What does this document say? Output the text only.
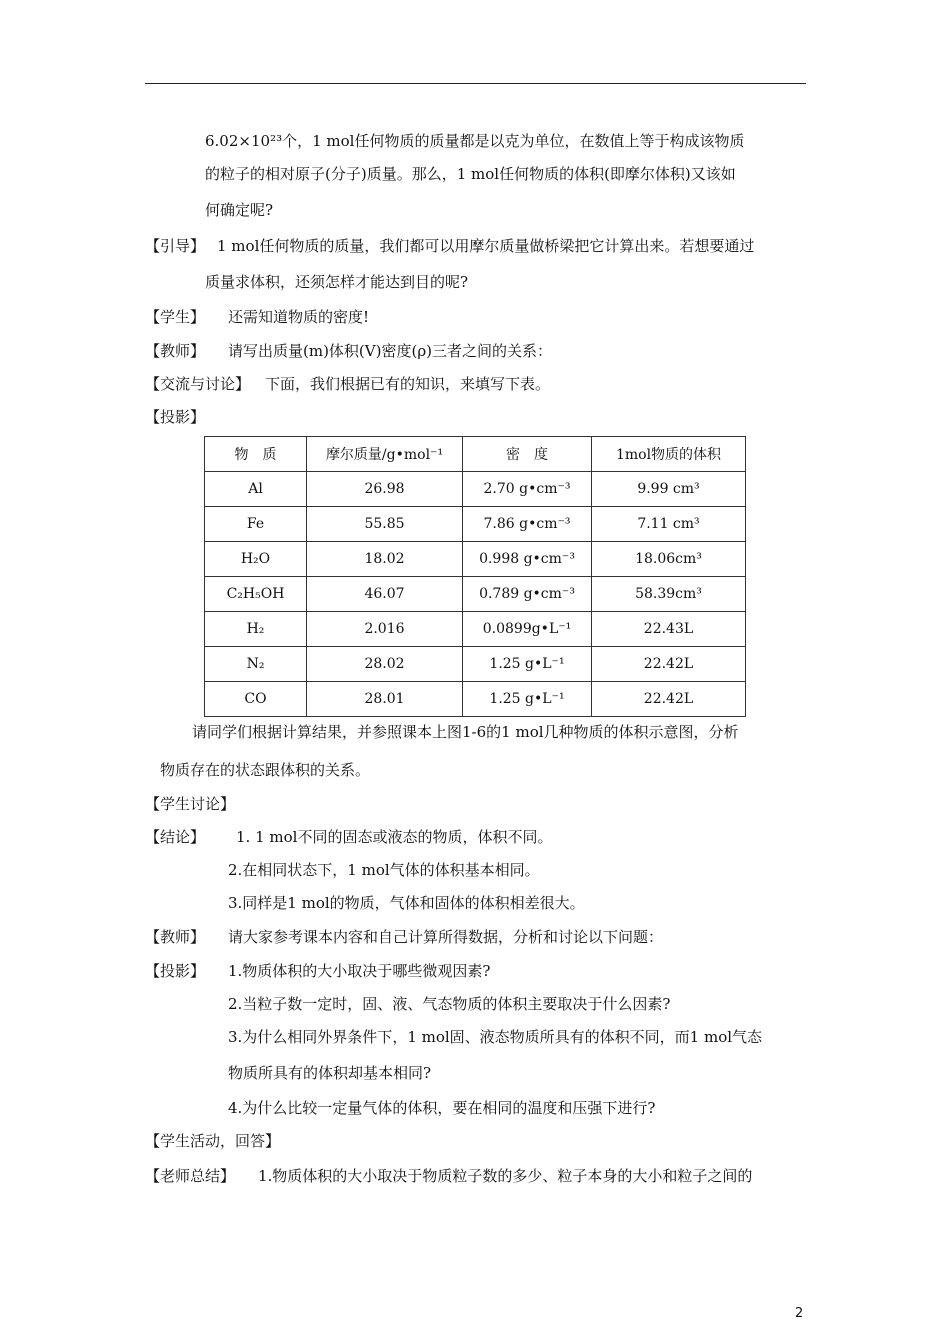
6.02×10²³个，1 mol任何物质的质量都是以克为单位，在数值上等于构成该物质
的粒子的相对原子(分子)质量。那么，1 mol任何物质的体积(即摩尔体积)又该如
何确定呢?
【引导】 1 mol任何物质的质量，我们都可以用摩尔质量做桥梁把它计算出来。若想要通过
质量求体积，还须怎样才能达到目的呢?
【学生】 还需知道物质的密度!
【教师】 请写出质量(m)体积(V)密度(ρ)三者之间的关系：
【交流与讨论】 下面，我们根据已有的知识，来填写下表。
【投影】
物　质	摩尔质量/g•mol⁻¹	密　度	1mol物质的体积
Al	26.98	2.70 g•cm⁻³	9.99 cm³
Fe	55.85	7.86 g•cm⁻³	7.11 cm³
H₂O	18.02	0.998 g•cm⁻³	18.06cm³
C₂H₅OH	46.07	0.789 g•cm⁻³	58.39cm³
H₂	2.016	0.0899g•L⁻¹	22.43L
N₂	28.02	1.25 g•L⁻¹	22.42L
CO	28.01	1.25 g•L⁻¹	22.42L
请同学们根据计算结果，并参照课本上图1-6的1 mol几种物质的体积示意图，分析
物质存在的状态跟体积的关系。
【学生讨论】
【结论】 1. 1 mol不同的固态或液态的物质，体积不同。
2.在相同状态下，1 mol气体的体积基本相同。
3.同样是1 mol的物质，气体和固体的体积相差很大。
【教师】 请大家参考课本内容和自己计算所得数据，分析和讨论以下问题：
【投影】 1.物质体积的大小取决于哪些微观因素?
2.当粒子数一定时，固、液、气态物质的体积主要取决于什么因素?
3.为什么相同外界条件下，1 mol固、液态物质所具有的体积不同，而1 mol气态
物质所具有的体积却基本相同?
4.为什么比较一定量气体的体积，要在相同的温度和压强下进行?
【学生活动，回答】
【老师总结】 1.物质体积的大小取决于物质粒子数的多少、粒子本身的大小和粒子之间的
2
